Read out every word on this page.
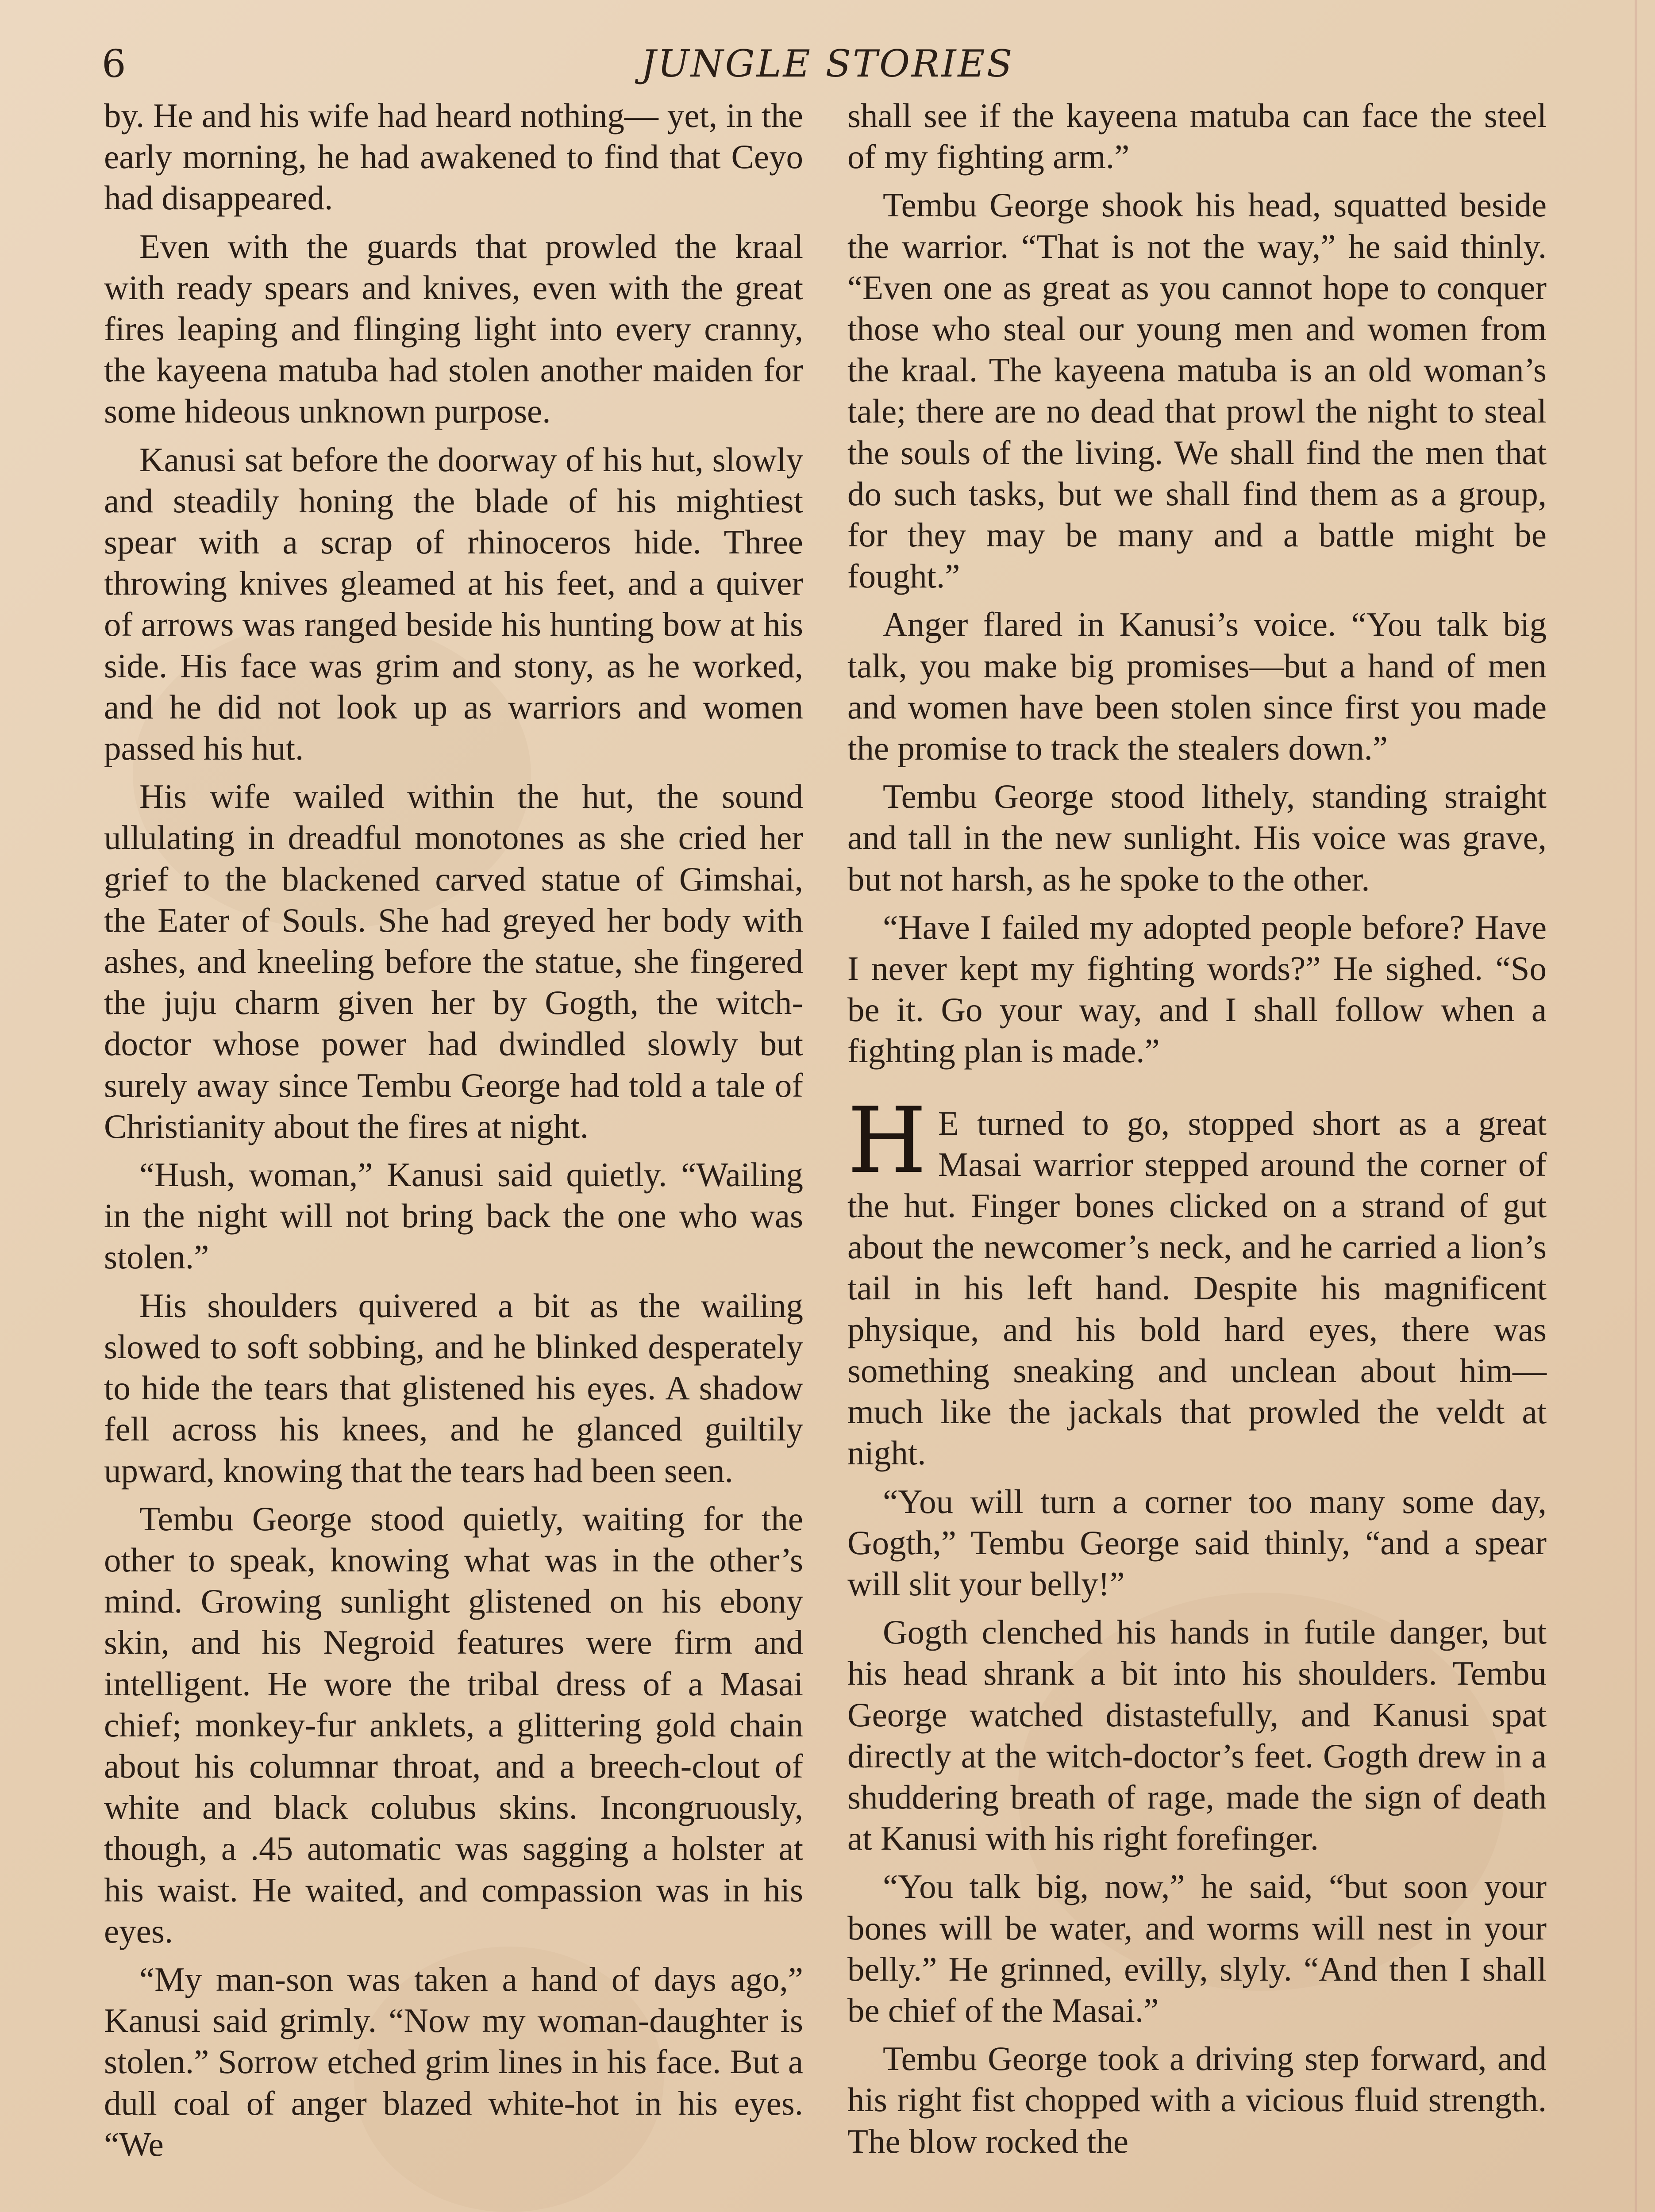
6	JUNGLE STORIES

by. He and his wife had heard nothing— yet, in the early morning, he had awakened to find that Ceyo had disappeared.

Even with the guards that prowled the kraal with ready spears and knives, even with the great fires leaping and flinging light into every cranny, the kayeena matuba had stolen another maiden for some hideous unknown purpose.

Kanusi sat before the doorway of his hut, slowly and steadily honing the blade of his mightiest spear with a scrap of rhinoceros hide. Three throwing knives gleamed at his feet, and a quiver of arrows was ranged beside his hunting bow at his side. His face was grim and stony, as he worked, and he did not look up as warriors and women passed his hut.

His wife wailed within the hut, the sound ullulating in dreadful monotones as she cried her grief to the blackened carved statue of Gimshai, the Eater of Souls. She had greyed her body with ashes, and kneeling before the statue, she fingered the juju charm given her by Gogth, the witch-doctor whose power had dwindled slowly but surely away since Tembu George had told a tale of Christianity about the fires at night.

“Hush, woman,” Kanusi said quietly. “Wailing in the night will not bring back the one who was stolen.”

His shoulders quivered a bit as the wailing slowed to soft sobbing, and he blinked desperately to hide the tears that glistened his eyes. A shadow fell across his knees, and he glanced guiltily upward, knowing that the tears had been seen.

Tembu George stood quietly, waiting for the other to speak, knowing what was in the other’s mind. Growing sunlight glistened on his ebony skin, and his Negroid features were firm and intelligent. He wore the tribal dress of a Masai chief; monkey-fur anklets, a glittering gold chain about his columnar throat, and a breech-clout of white and black colubus skins. Incongruously, though, a .45 automatic was sagging a holster at his waist. He waited, and compassion was in his eyes.

“My man-son was taken a hand of days ago,” Kanusi said grimly. “Now my woman-daughter is stolen.” Sorrow etched grim lines in his face. But a dull coal of anger blazed white-hot in his eyes. “We

shall see if the kayeena matuba can face the steel of my fighting arm.”

Tembu George shook his head, squatted beside the warrior. “That is not the way,” he said thinly. “Even one as great as you cannot hope to conquer those who steal our young men and women from the kraal. The kayeena matuba is an old woman’s tale; there are no dead that prowl the night to steal the souls of the living. We shall find the men that do such tasks, but we shall find them as a group, for they may be many and a battle might be fought.”

Anger flared in Kanusi’s voice. “You talk big talk, you make big promises—but a hand of men and women have been stolen since first you made the promise to track the stealers down.”

Tembu George stood lithely, standing straight and tall in the new sunlight. His voice was grave, but not harsh, as he spoke to the other.

“Have I failed my adopted people before? Have I never kept my fighting words?” He sighed. “So be it. Go your way, and I shall follow when a fighting plan is made.”

H E turned to go, stopped short as a great Masai warrior stepped around the corner of the hut. Finger bones clicked on a strand of gut about the newcomer’s neck, and he carried a lion’s tail in his left hand. Despite his magnificent physique, and his bold hard eyes, there was something sneaking and unclean about him—much like the jackals that prowled the veldt at night.

“You will turn a corner too many some day, Gogth,” Tembu George said thinly, “and a spear will slit your belly!”

Gogth clenched his hands in futile danger, but his head shrank a bit into his shoulders. Tembu George watched distastefully, and Kanusi spat directly at the witch-doctor’s feet. Gogth drew in a shuddering breath of rage, made the sign of death at Kanusi with his right forefinger.

“You talk big, now,” he said, “but soon your bones will be water, and worms will nest in your belly.” He grinned, evilly, slyly. “And then I shall be chief of the Masai.”

Tembu George took a driving step forward, and his right fist chopped with a vicious fluid strength. The blow rocked the
